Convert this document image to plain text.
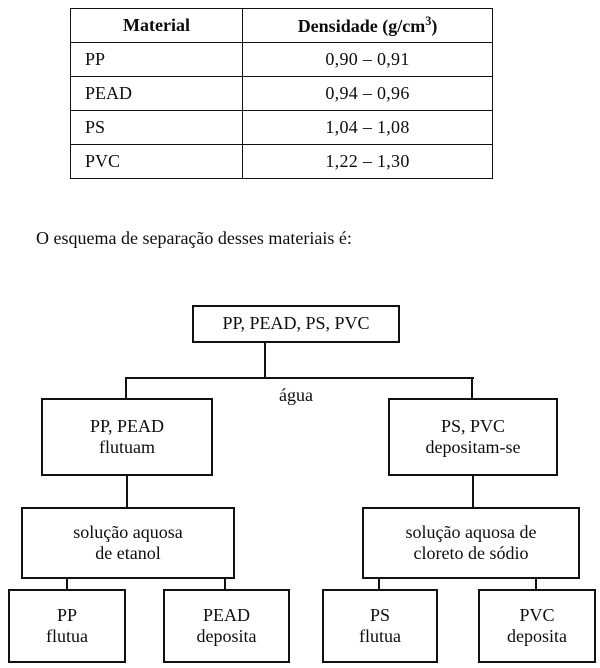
Material	Densidade $(g/cm^3)$
PP	0,90 – 0,91
PEAD	0,94 – 0,96
PS	1,04 – 1,08
PVC	1,22 – 1,30
O esquema de separação desses materiais é:
PP, PEAD, PS, PVC
água
PP, PEAD
flutuam
PS, PVC
depositam-se
solução aquosa
de etanol
solução aquosa de
cloreto de sódio
PP
flutua
PEAD
deposita
PS
flutua
PVC
deposita
